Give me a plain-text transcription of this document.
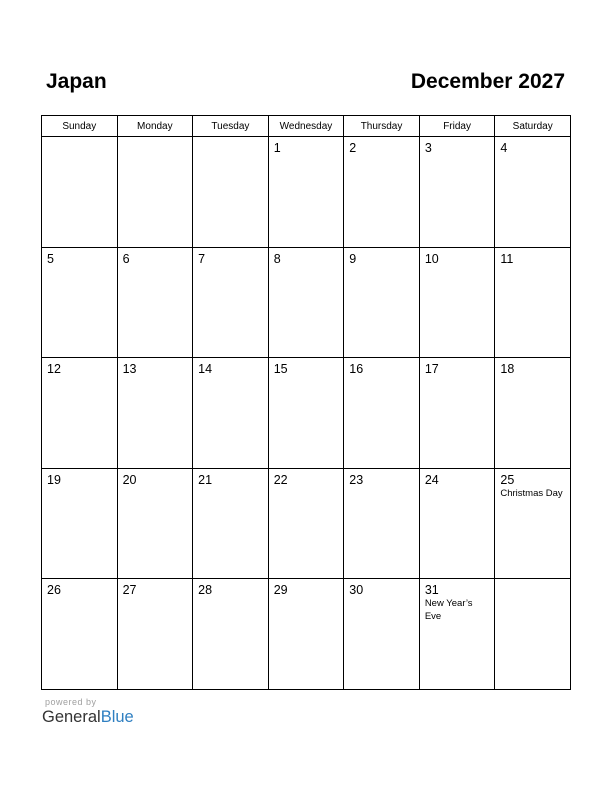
Japan	December 2027
Sunday	Monday	Tuesday	Wednesday	Thursday	Friday	Saturday

			1	2	3	4

5	6	7	8	9	10	11

12	13	14	15	16	17	18

19	20	21	22	23	24	25
Christmas Day

26	27	28	29	30	31
New Year’s Eve	

powered by
GeneralBlue
